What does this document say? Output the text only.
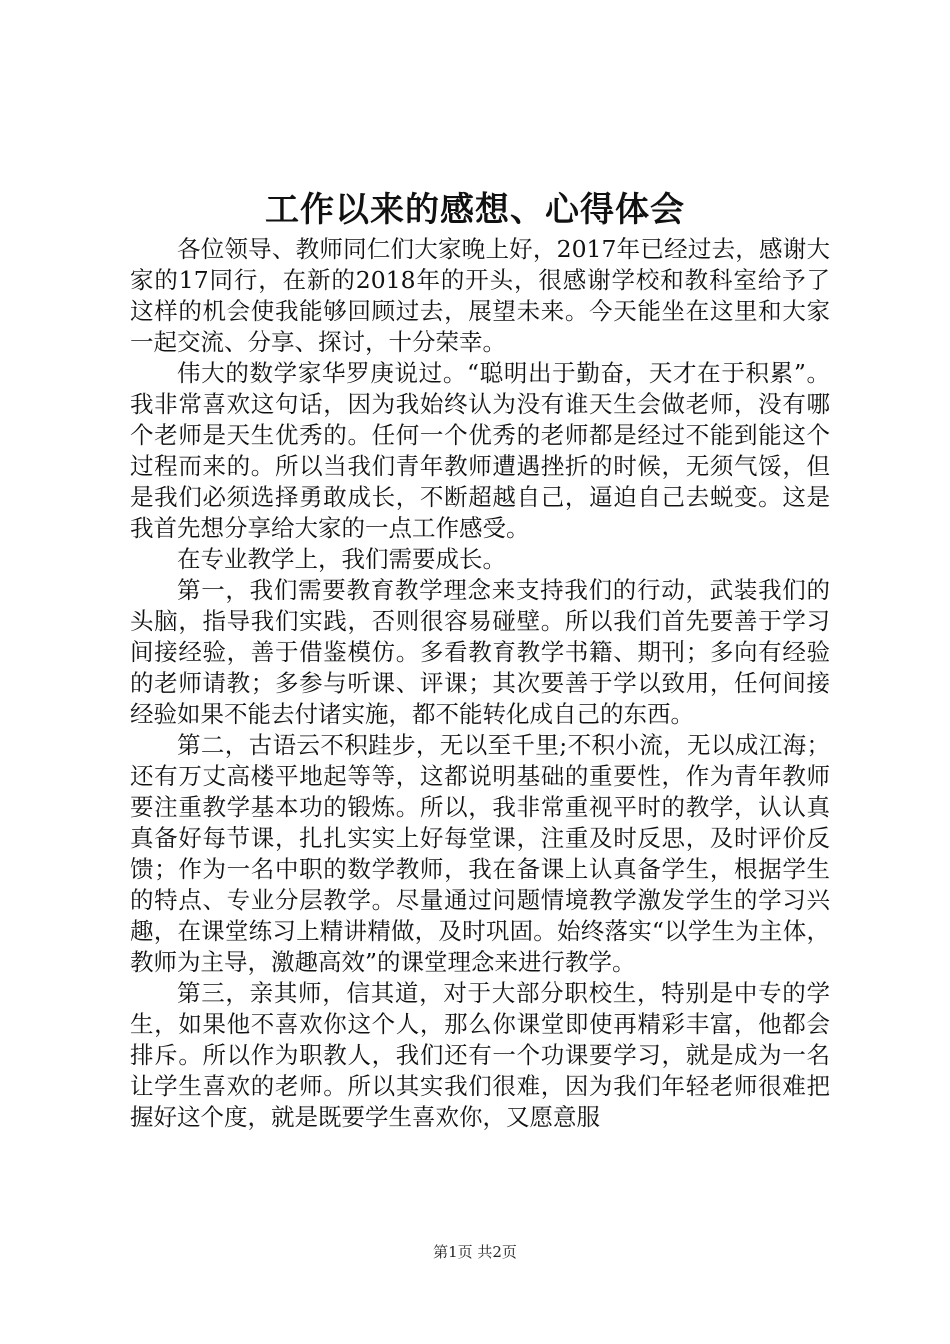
工作以来的感想、心得体会

各位领导、教师同仁们大家晚上好，2017年已经过去，感谢大家的17同行，在新的2018年的开头，很感谢学校和教科室给予了这样的机会使我能够回顾过去，展望未来。今天能坐在这里和大家一起交流、分享、探讨，十分荣幸。

伟大的数学家华罗庚说过。“聪明出于勤奋，天才在于积累”。我非常喜欢这句话，因为我始终认为没有谁天生会做老师，没有哪个老师是天生优秀的。任何一个优秀的老师都是经过不能到能这个过程而来的。所以当我们青年教师遭遇挫折的时候，无须气馁，但是我们必须选择勇敢成长，不断超越自己，逼迫自己去蜕变。这是我首先想分享给大家的一点工作感受。

在专业教学上，我们需要成长。

第一，我们需要教育教学理念来支持我们的行动，武装我们的头脑，指导我们实践，否则很容易碰壁。所以我们首先要善于学习间接经验，善于借鉴模仿。多看教育教学书籍、期刊；多向有经验的老师请教；多参与听课、评课；其次要善于学以致用，任何间接经验如果不能去付诸实施，都不能转化成自己的东西。

第二，古语云不积跬步，无以至千里;不积小流，无以成江海；还有万丈高楼平地起等等，这都说明基础的重要性，作为青年教师要注重教学基本功的锻炼。所以，我非常重视平时的教学，认认真真备好每节课，扎扎实实上好每堂课，注重及时反思，及时评价反馈；作为一名中职的数学教师，我在备课上认真备学生，根据学生的特点、专业分层教学。尽量通过问题情境教学激发学生的学习兴趣，在课堂练习上精讲精做，及时巩固。始终落实“以学生为主体，教师为主导，激趣高效”的课堂理念来进行教学。

第三，亲其师，信其道，对于大部分职校生，特别是中专的学生，如果他不喜欢你这个人，那么你课堂即使再精彩丰富，他都会排斥。所以作为职教人，我们还有一个功课要学习，就是成为一名让学生喜欢的老师。所以其实我们很难，因为我们年轻老师很难把握好这个度，就是既要学生喜欢你，又愿意服

第1页 共2页
